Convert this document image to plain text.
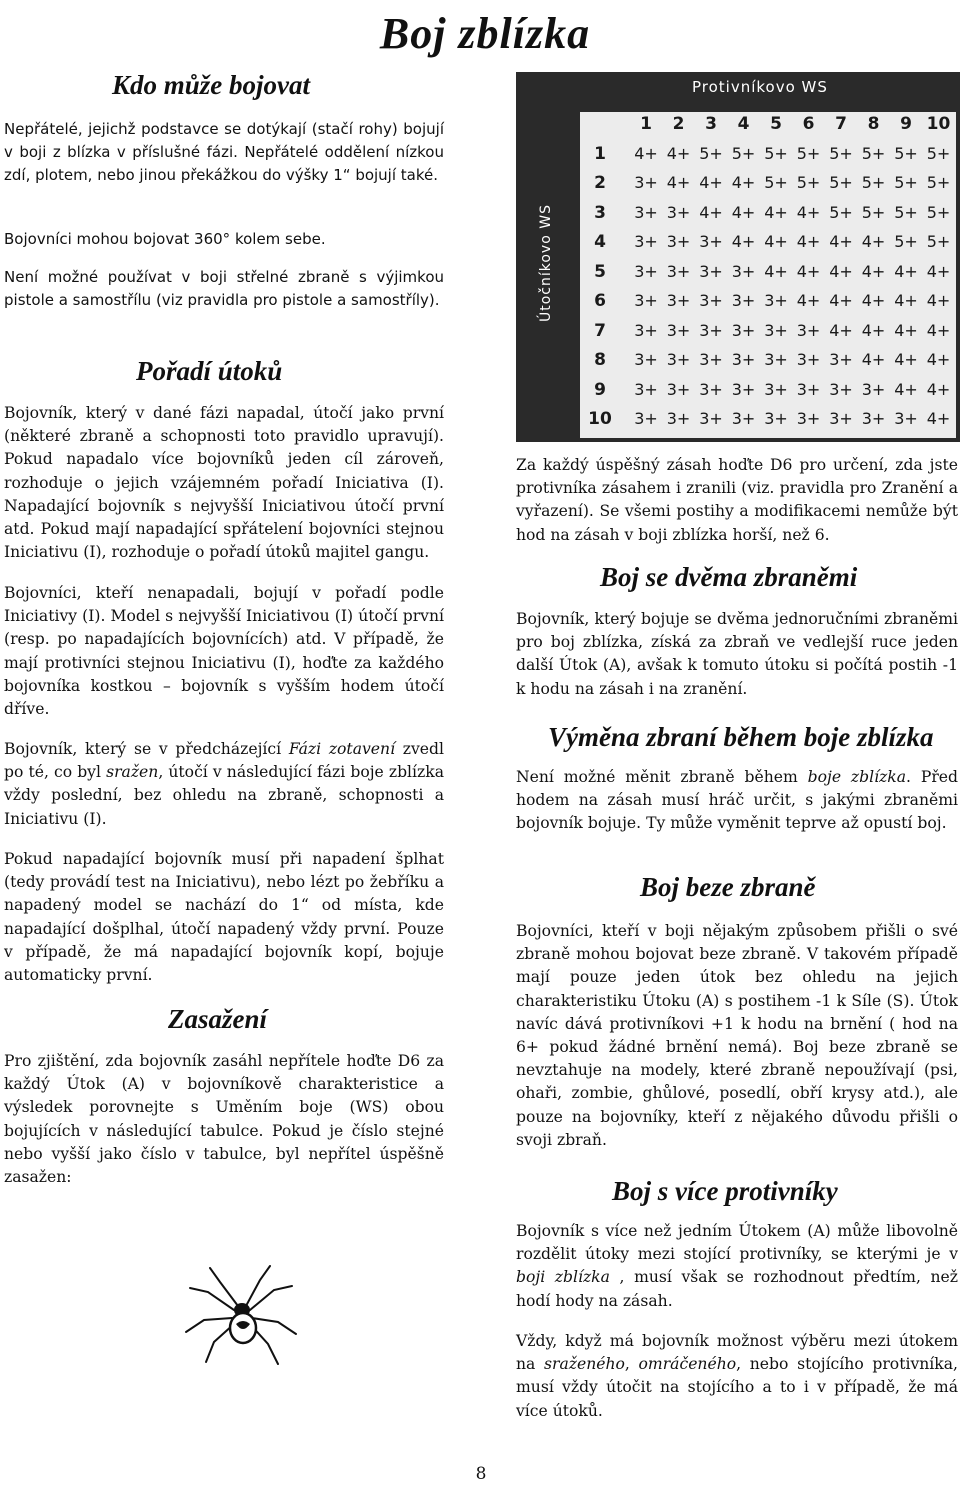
Boj zblízka
Kdo může bojovat
Nepřátelé, jejichž podstavce se dotýkají (stačí rohy) bojují v boji z blízka v příslušné fázi. Nepřátelé oddělení nízkou zdí, plotem, nebo jinou překážkou do výšky 1“ bojují také.
Bojovníci mohou bojovat 360° kolem sebe.
Není možné používat v boji střelné zbraně s výjimkou pistole a samostřílu (viz pravidla pro pistole a samostříly).
Pořadí útoků
Bojovník, který v dané fázi napadal, útočí jako první (některé zbraně a schopnosti toto pravidlo upravují). Pokud napadalo více bojovníků jeden cíl zároveň, rozhoduje o jejich vzájemném pořadí Iniciativa (I). Napadající bojovník s nejvyšší Iniciativou útočí první atd. Pokud mají napadající spřátelení bojovníci stejnou Iniciativu (I), rozhoduje o pořadí útoků majitel gangu.
Bojovníci, kteří nenapadali, bojují v pořadí podle Iniciativy (I). Model s nejvyšší Iniciativou (I) útočí první (resp. po napadajících bojovnících) atd. V případě, že mají protivníci stejnou Iniciativu (I), hoďte za každého bojovníka kostkou – bojovník s vyšším hodem útočí dříve.
Bojovník, který se v předcházející Fázi zotavení zvedl po té, co byl sražen, útočí v následující fázi boje zblízka vždy poslední, bez ohledu na zbraně, schopnosti a Iniciativu (I).
Pokud napadající bojovník musí při napadení šplhat (tedy provádí test na Iniciativu), nebo lézt po žebříku a napadený model se nachází do 1“ od místa, kde napadající došplhal, útočí napadený vždy první. Pouze v případě, že má napadající bojovník kopí, bojuje automaticky první.
Zasažení
Pro zjištění, zda bojovník zasáhl nepřítele hoďte D6 za každý Útok (A) v bojovníkově charakteristice a výsledek porovnejte s Uměním boje (WS) obou bojujících v následující tabulce. Pokud je číslo stejné nebo vyšší jako číslo v tabulce, byl nepřítel úspěšně zasažen:
Protivníkovo WS
Útočníkovo WS
1	2	3	4	5	6	7	8	9 10
1	4+ 4+ 5+ 5+ 5+ 5+ 5+ 5+ 5+ 5+
2	3+ 4+ 4+ 4+ 5+ 5+ 5+ 5+ 5+ 5+
3	3+ 3+ 4+ 4+ 4+ 4+ 5+ 5+ 5+ 5+
4	3+ 3+ 3+ 4+ 4+ 4+ 4+ 4+ 5+ 5+
5	3+ 3+ 3+ 3+ 4+ 4+ 4+ 4+ 4+ 4+
6	3+ 3+ 3+ 3+ 3+ 4+ 4+ 4+ 4+ 4+
7	3+ 3+ 3+ 3+ 3+ 3+ 4+ 4+ 4+ 4+
8	3+ 3+ 3+ 3+ 3+ 3+ 3+ 4+ 4+ 4+
9	3+ 3+ 3+ 3+ 3+ 3+ 3+ 3+ 4+ 4+
10 3+ 3+ 3+ 3+ 3+ 3+ 3+ 3+ 3+ 4+
Za každý úspěšný zásah hoďte D6 pro určení, zda jste protivníka zásahem i zranili (viz. pravidla pro Zranění a vyřazení). Se všemi postihy a modifikacemi nemůže být hod na zásah v boji zblízka horší, než 6.
Boj se dvěma zbraněmi
Bojovník, který bojuje se dvěma jednoručními zbraněmi pro boj zblízka, získá za zbraň ve vedlejší ruce jeden další Útok (A), avšak k tomuto útoku si počítá postih -1 k hodu na zásah i na zranění.
Výměna zbraní během boje zblízka
Není možné měnit zbraně během boje zblízka. Před hodem na zásah musí hráč určit, s jakými zbraněmi bojovník bojuje. Ty může vyměnit teprve až opustí boj.
Boj beze zbraně
Bojovníci, kteří v boji nějakým způsobem přišli o své zbraně mohou bojovat beze zbraně. V takovém případě mají pouze jeden útok bez ohledu na jejich charakteristiku Útoku (A) s postihem -1 k Síle (S). Útok navíc dává protivníkovi +1 k hodu na brnění ( hod na 6+ pokud žádné brnění nemá). Boj beze zbraně se nevztahuje na modely, které zbraně nepoužívají (psi, ohaři, zombie, ghůlové, posedlí, obří krysy atd.), ale pouze na bojovníky, kteří z nějakého důvodu přišli o svoji zbraň.
Boj s více protivníky
Bojovník s více než jedním Útokem (A) může libovolně rozdělit útoky mezi stojící protivníky, se kterými je v boji zblízka , musí však se rozhodnout předtím, než hodí hody na zásah.
Vždy, když má bojovník možnost výběru mezi útokem na sraženého, omráčeného, nebo stojícího protivníka, musí vždy útočit na stojícího a to i v případě, že má více útoků.
8
